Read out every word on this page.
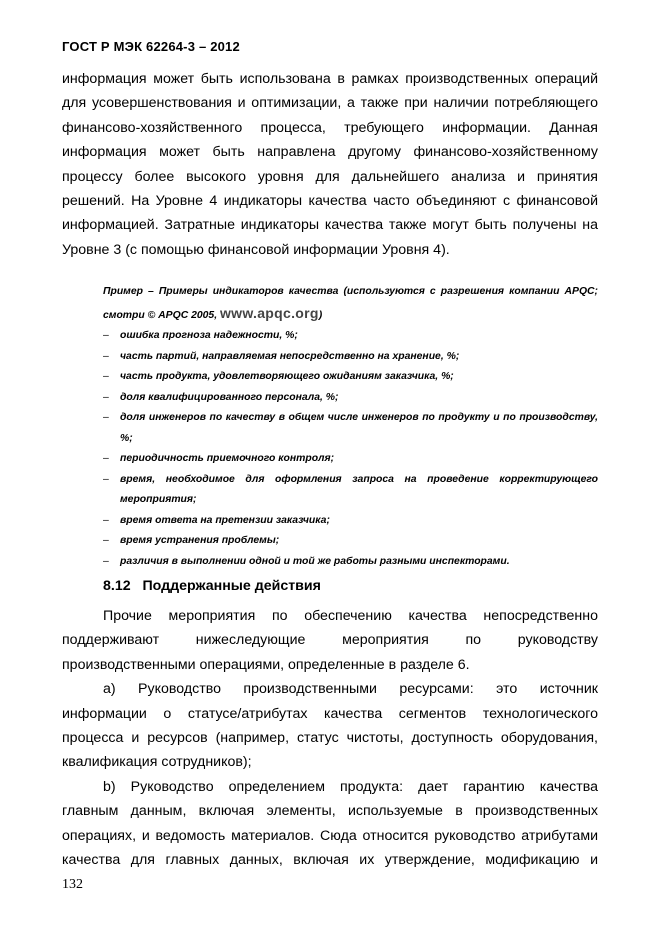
ГОСТ Р МЭК 62264-3 – 2012
информация может быть использована в рамках производственных операций
для усовершенствования и оптимизации, а также при наличии потребляющего
финансово-хозяйственного процесса, требующего информации. Данная
информация может быть направлена другому финансово-хозяйственному
процессу более высокого уровня для дальнейшего анализа и принятия
решений. На Уровне 4 индикаторы качества часто объединяют с финансовой
информацией. Затратные индикаторы качества также могут быть получены на
Уровне 3 (с помощью финансовой информации Уровня 4).
Пример – Примеры индикаторов качества (используются с разрешения компании APQC; смотри © APQC 2005, www.apqc.org)
– ошибка прогноза надежности, %;
– часть партий, направляемая непосредственно на хранение, %;
– часть продукта, удовлетворяющего ожиданиям заказчика, %;
– доля квалифицированного персонала, %;
– доля инженеров по качеству в общем числе инженеров по продукту и по производству, %;
– периодичность приемочного контроля;
– время, необходимое для оформления запроса на проведение корректирующего мероприятия;
– время ответа на претензии заказчика;
– время устранения проблемы;
– различия в выполнении одной и той же работы разными инспекторами.
8.12 Поддержанные действия
Прочие мероприятия по обеспечению качества непосредственно
поддерживают нижеследующие мероприятия по руководству
производственными операциями, определенные в разделе 6.
a) Руководство производственными ресурсами: это источник
информации о статусе/атрибутах качества сегментов технологического
процесса и ресурсов (например, статус чистоты, доступность оборудования,
квалификация сотрудников);
b) Руководство определением продукта: дает гарантию качества
главным данным, включая элементы, используемые в производственных
операциях, и ведомость материалов. Сюда относится руководство атрибутами
качества для главных данных, включая их утверждение, модификацию и
132
